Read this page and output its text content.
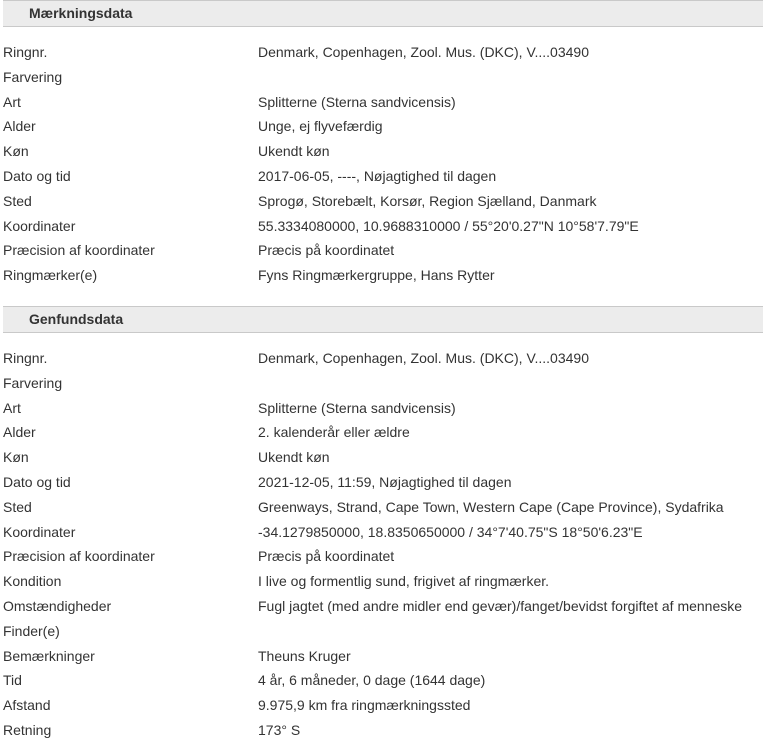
Mærkningsdata
Ringnr.	Denmark, Copenhagen, Zool. Mus. (DKC), V....03490
Farvering
Art	Splitterne (Sterna sandvicensis)
Alder	Unge, ej flyvefærdig
Køn	Ukendt køn
Dato og tid	2017-06-05, ----, Nøjagtighed til dagen
Sted	Sprogø, Storebælt, Korsør, Region Sjælland, Danmark
Koordinater	55.3334080000, 10.9688310000 / 55°20'0.27"N 10°58'7.79"E
Præcision af koordinater	Præcis på koordinatet
Ringmærker(e)	Fyns Ringmærkergruppe, Hans Rytter
Genfundsdata
Ringnr.	Denmark, Copenhagen, Zool. Mus. (DKC), V....03490
Farvering
Art	Splitterne (Sterna sandvicensis)
Alder	2. kalenderår eller ældre
Køn	Ukendt køn
Dato og tid	2021-12-05, 11:59, Nøjagtighed til dagen
Sted	Greenways, Strand, Cape Town, Western Cape (Cape Province), Sydafrika
Koordinater	-34.1279850000, 18.8350650000 / 34°7'40.75"S 18°50'6.23"E
Præcision af koordinater	Præcis på koordinatet
Kondition	I live og formentlig sund, frigivet af ringmærker.
Omstændigheder	Fugl jagtet (med andre midler end gevær)/fanget/bevidst forgiftet af menneske
Finder(e)
Bemærkninger	Theuns Kruger
Tid	4 år, 6 måneder, 0 dage (1644 dage)
Afstand	9.975,9 km fra ringmærkningssted
Retning	173° S
